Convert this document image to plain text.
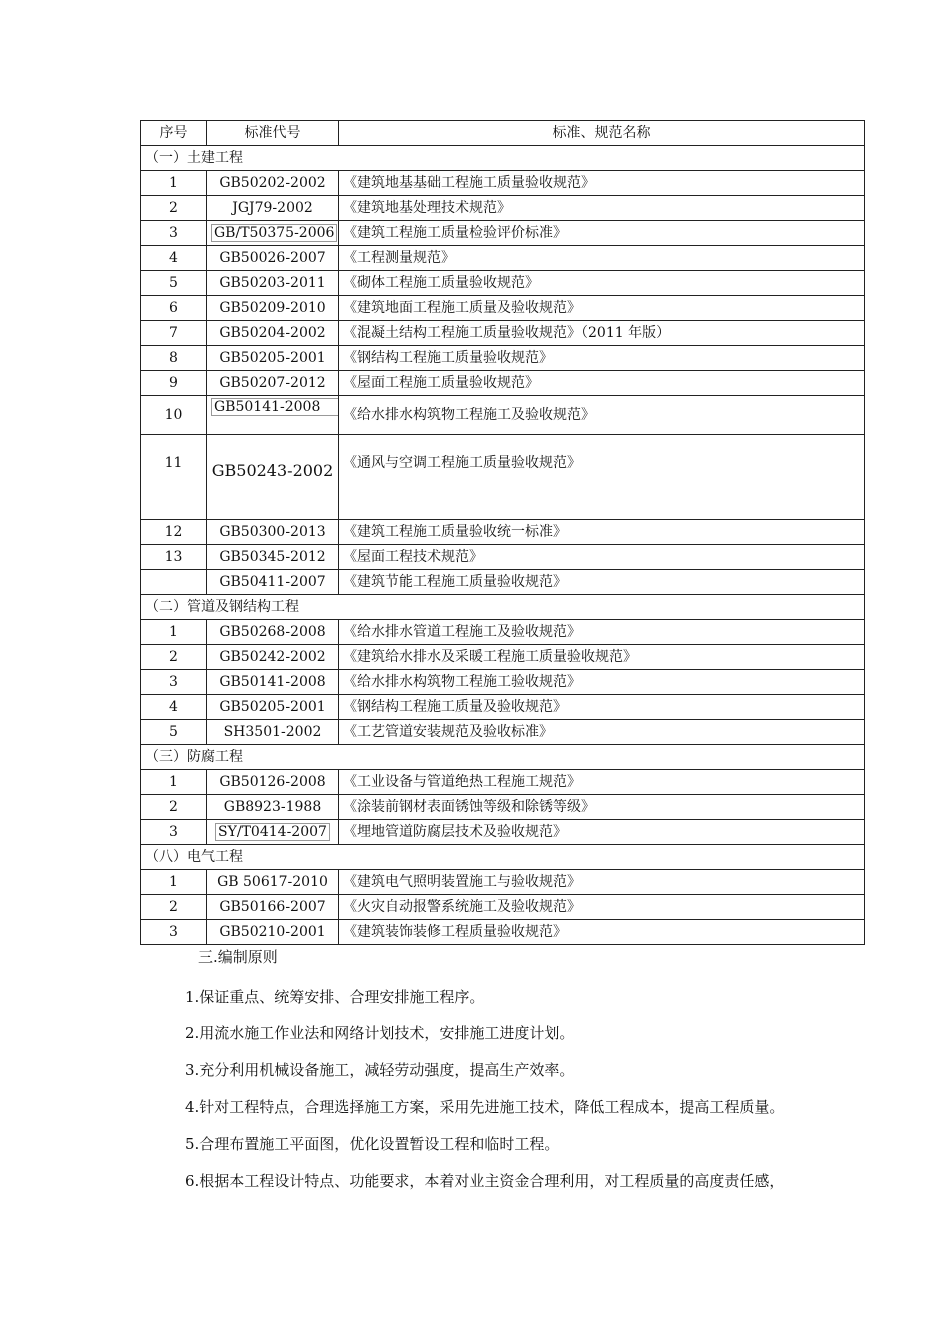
序号	标准代号	标准、规范名称
（一）土建工程		
1	GB50202-2002	《建筑地基基础工程施工质量验收规范》
2	JGJ79-2002	《建筑地基处理技术规范》
3	GB/T50375-2006	《建筑工程施工质量检验评价标准》
4	GB50026-2007	《工程测量规范》
5	GB50203-2011	《砌体工程施工质量验收规范》
6	GB50209-2010	《建筑地面工程施工质量及验收规范》
7	GB50204-2002	《混凝土结构工程施工质量验收规范》（2011 年版）
8	GB50205-2001	《钢结构工程施工质量验收规范》
9	GB50207-2012	《屋面工程施工质量验收规范》
10	GB50141-2008	《给水排水构筑物工程施工及验收规范》
11	GB50243-2002	《通风与空调工程施工质量验收规范》
12	GB50300-2013	《建筑工程施工质量验收统一标准》
13	GB50345-2012	《屋面工程技术规范》
	GB50411-2007	《建筑节能工程施工质量验收规范》
（二）管道及钢结构工程		
1	GB50268-2008	《给水排水管道工程施工及验收规范》
2	GB50242-2002	《建筑给水排水及采暖工程施工质量验收规范》
3	GB50141-2008	《给水排水构筑物工程施工验收规范》
4	GB50205-2001	《钢结构工程施工质量及验收规范》
5	SH3501-2002	《工艺管道安装规范及验收标准》
（三）防腐工程		
1	GB50126-2008	《工业设备与管道绝热工程施工规范》
2	GB8923-1988	《涂装前钢材表面锈蚀等级和除锈等级》
3	SY/T0414-2007	《埋地管道防腐层技术及验收规范》
（八）电气工程		
1	GB 50617-2010	《建筑电气照明装置施工与验收规范》
2	GB50166-2007	《火灾自动报警系统施工及验收规范》
3	GB50210-2001	《建筑装饰装修工程质量验收规范》
三.编制原则
1.保证重点、统筹安排、合理安排施工程序。
2.用流水施工作业法和网络计划技术，安排施工进度计划。
3.充分利用机械设备施工，减轻劳动强度，提高生产效率。
4.针对工程特点，合理选择施工方案，采用先进施工技术，降低工程成本，提高工程质量。
5.合理布置施工平面图，优化设置暂设工程和临时工程。
6.根据本工程设计特点、功能要求，本着对业主资金合理利用，对工程质量的高度责任感，
